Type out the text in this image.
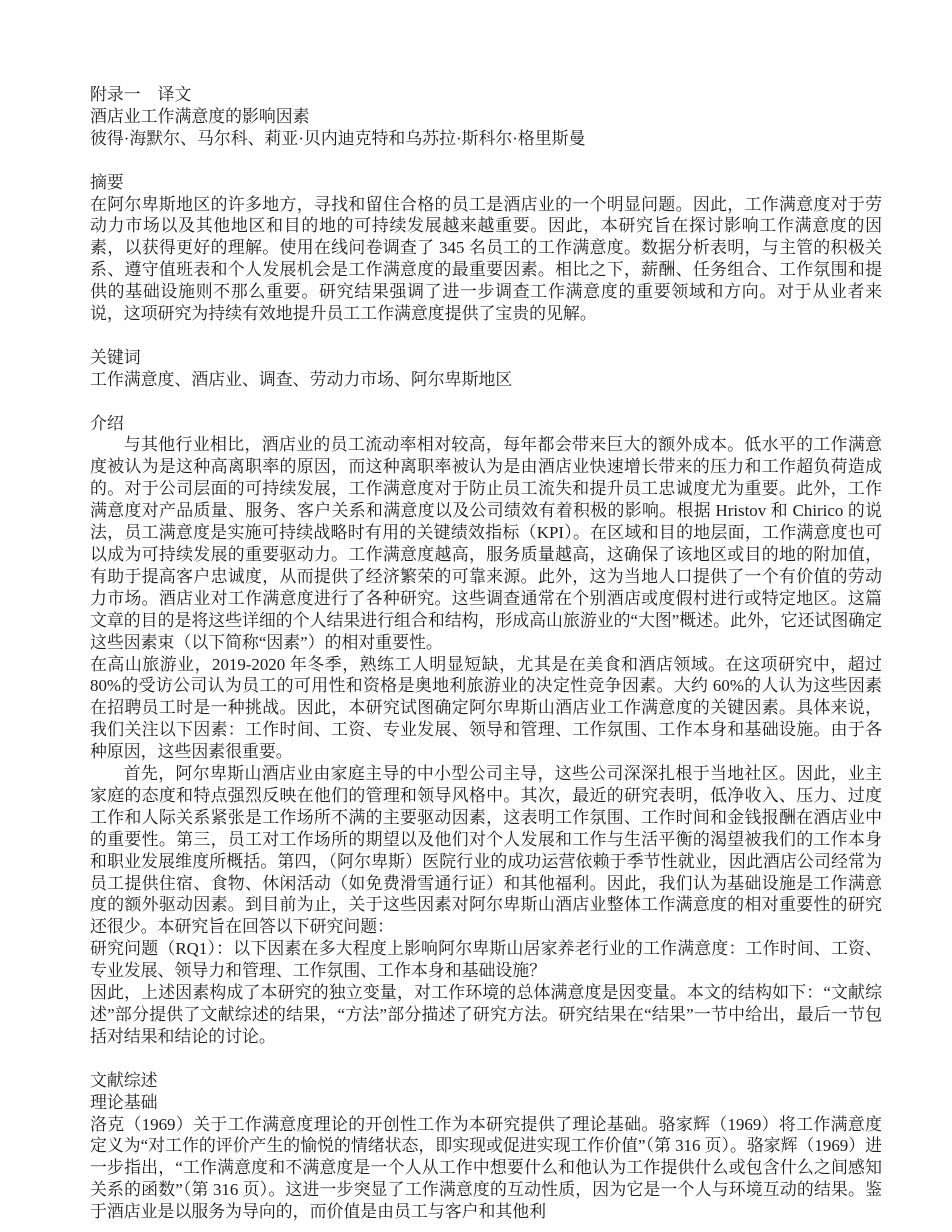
附录一　译文
酒店业工作满意度的影响因素
彼得·海默尔、马尔科、莉亚·贝内迪克特和乌苏拉·斯科尔·格里斯曼
摘要

在阿尔卑斯地区的许多地方，寻找和留住合格的员工是酒店业的一个明显问题。因此，工作满意度对于劳动力市场以及其他地区和目的地的可持续发展越来越重要。因此，本研究旨在探讨影响工作满意度的因素，以获得更好的理解。使用在线问卷调查了 345 名员工的工作满意度。数据分析表明，与主管的积极关系、遵守值班表和个人发展机会是工作满意度的最重要因素。相比之下，薪酬、任务组合、工作氛围和提供的基础设施则不那么重要。研究结果强调了进一步调查工作满意度的重要领域和方向。对于从业者来说，这项研究为持续有效地提升员工工作满意度提供了宝贵的见解。

关键词

工作满意度、酒店业、调查、劳动力市场、阿尔卑斯地区

介绍

与其他行业相比，酒店业的员工流动率相对较高，每年都会带来巨大的额外成本。低水平的工作满意度被认为是这种高离职率的原因，而这种离职率被认为是由酒店业快速增长带来的压力和工作超负荷造成的。对于公司层面的可持续发展，工作满意度对于防止员工流失和提升员工忠诚度尤为重要。此外，工作满意度对产品质量、服务、客户关系和满意度以及公司绩效有着积极的影响。根据 Hristov 和 Chirico 的说法，员工满意度是实施可持续战略时有用的关键绩效指标（KPI）。在区域和目的地层面，工作满意度也可以成为可持续发展的重要驱动力。工作满意度越高，服务质量越高，这确保了该地区或目的地的附加值，有助于提高客户忠诚度，从而提供了经济繁荣的可靠来源。此外，这为当地人口提供了一个有价值的劳动力市场。酒店业对工作满意度进行了各种研究。这些调查通常在个别酒店或度假村进行或特定地区。这篇文章的目的是将这些详细的个人结果进行组合和结构，形成高山旅游业的“大图”概述。此外，它还试图确定这些因素束（以下简称“因素”）的相对重要性。

在高山旅游业，2019-2020 年冬季，熟练工人明显短缺，尤其是在美食和酒店领域。在这项研究中，超过 80%的受访公司认为员工的可用性和资格是奥地利旅游业的决定性竞争因素。大约 60%的人认为这些因素在招聘员工时是一种挑战。因此，本研究试图确定阿尔卑斯山酒店业工作满意度的关键因素。具体来说，我们关注以下因素：工作时间、工资、专业发展、领导和管理、工作氛围、工作本身和基础设施。由于各种原因，这些因素很重要。

首先，阿尔卑斯山酒店业由家庭主导的中小型公司主导，这些公司深深扎根于当地社区。因此，业主家庭的态度和特点强烈反映在他们的管理和领导风格中。其次，最近的研究表明，低净收入、压力、过度工作和人际关系紧张是工作场所不满的主要驱动因素，这表明工作氛围、工作时间和金钱报酬在酒店业中的重要性。第三，员工对工作场所的期望以及他们对个人发展和工作与生活平衡的渴望被我们的工作本身和职业发展维度所概括。第四，（阿尔卑斯）医院行业的成功运营依赖于季节性就业，因此酒店公司经常为员工提供住宿、食物、休闲活动（如免费滑雪通行证）和其他福利。因此，我们认为基础设施是工作满意度的额外驱动因素。到目前为止，关于这些因素对阿尔卑斯山酒店业整体工作满意度的相对重要性的研究还很少。本研究旨在回答以下研究问题：

研究问题（RQ1）：以下因素在多大程度上影响阿尔卑斯山居家养老行业的工作满意度：工作时间、工资、专业发展、领导力和管理、工作氛围、工作本身和基础设施？

因此，上述因素构成了本研究的独立变量，对工作环境的总体满意度是因变量。本文的结构如下：“文献综述”部分提供了文献综述的结果，“方法”部分描述了研究方法。研究结果在“结果”一节中给出，最后一节包括对结果和结论的讨论。

文献综述
理论基础

洛克（1969）关于工作满意度理论的开创性工作为本研究提供了理论基础。骆家辉（1969）将工作满意度定义为“对工作的评价产生的愉悦的情绪状态，即实现或促进实现工作价值”（第 316 页）。骆家辉（1969）进一步指出，“工作满意度和不满意度是一个人从工作中想要什么和他认为工作提供什么或包含什么之间感知关系的函数”（第 316 页）。这进一步突显了工作满意度的互动性质，因为它是一个人与环境互动的结果。鉴于酒店业是以服务为导向的，而价值是由员工与客户和其他利
